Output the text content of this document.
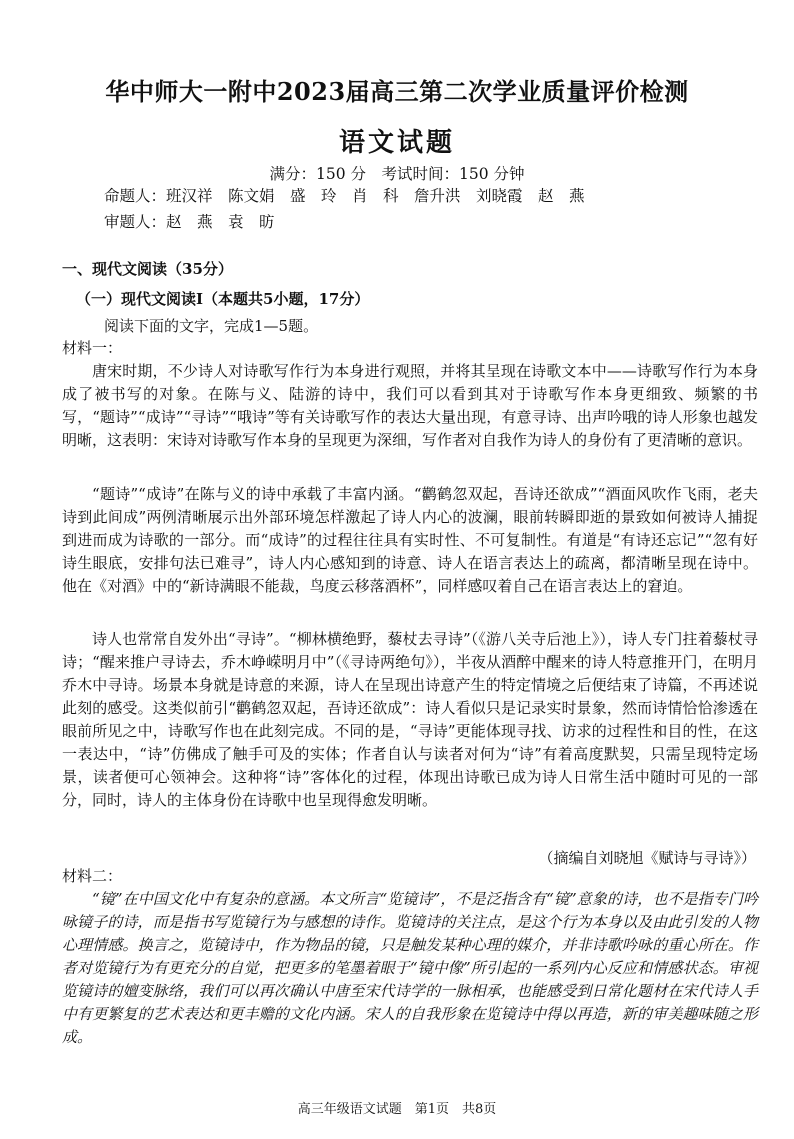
华中师大一附中2023届高三第二次学业质量评价检测
语文试题
满分：150 分　考试时间：150 分钟
命题人：班汉祥　陈文娟　盛　玲　肖　科　詹升洪　刘晓霞　赵　燕
审题人：赵　燕　袁　昉
一、现代文阅读（35分）
（一）现代文阅读Ⅰ（本题共5小题，17分）
阅读下面的文字，完成1—5题。
材料一：
唐宋时期，不少诗人对诗歌写作行为本身进行观照，并将其呈现在诗歌文本中——诗歌写作行为本身成了被书写的对象。在陈与义、陆游的诗中，我们可以看到其对于诗歌写作本身更细致、频繁的书写，“题诗”“成诗”“寻诗”“哦诗”等有关诗歌写作的表达大量出现，有意寻诗、出声吟哦的诗人形象也越发明晰，这表明：宋诗对诗歌写作本身的呈现更为深细，写作者对自我作为诗人的身份有了更清晰的意识。
“题诗”“成诗”在陈与义的诗中承载了丰富内涵。“鹳鹤忽双起，吾诗还欲成”“酒面风吹作飞雨，老夫诗到此间成”两例清晰展示出外部环境怎样激起了诗人内心的波澜，眼前转瞬即逝的景致如何被诗人捕捉到进而成为诗歌的一部分。而“成诗”的过程往往具有实时性、不可复制性。有道是“有诗还忘记”“忽有好诗生眼底，安排句法已难寻”，诗人内心感知到的诗意、诗人在语言表达上的疏离，都清晰呈现在诗中。他在《对酒》中的“新诗满眼不能裁，鸟度云移落酒杯”，同样感叹着自己在语言表达上的窘迫。
诗人也常常自发外出“寻诗”。“柳林横绝野，藜杖去寻诗”（《游八关寺后池上》），诗人专门拄着藜杖寻诗；“醒来推户寻诗去，乔木峥嵘明月中”（《寻诗两绝句》），半夜从酒醉中醒来的诗人特意推开门，在明月乔木中寻诗。场景本身就是诗意的来源，诗人在呈现出诗意产生的特定情境之后便结束了诗篇，不再述说此刻的感受。这类似前引“鹳鹤忽双起，吾诗还欲成”：诗人看似只是记录实时景象，然而诗情恰恰渗透在眼前所见之中，诗歌写作也在此刻完成。不同的是，“寻诗”更能体现寻找、访求的过程性和目的性，在这一表达中，“诗”仿佛成了触手可及的实体；作者自认与读者对何为“诗”有着高度默契，只需呈现特定场景，读者便可心领神会。这种将“诗”客体化的过程，体现出诗歌已成为诗人日常生活中随时可见的一部分，同时，诗人的主体身份在诗歌中也呈现得愈发明晰。
（摘编自刘晓旭《赋诗与寻诗》）
材料二：
“镜”在中国文化中有复杂的意涵。本文所言“览镜诗”，不是泛指含有“镜”意象的诗，也不是指专门吟咏镜子的诗，而是指书写览镜行为与感想的诗作。览镜诗的关注点，是这个行为本身以及由此引发的人物心理情感。换言之，览镜诗中，作为物品的镜，只是触发某种心理的媒介，并非诗歌吟咏的重心所在。作者对览镜行为有更充分的自觉，把更多的笔墨着眼于“镜中像”所引起的一系列内心反应和情感状态。审视览镜诗的嬗变脉络，我们可以再次确认中唐至宋代诗学的一脉相承，也能感受到日常化题材在宋代诗人手中有更繁复的艺术表达和更丰赡的文化内涵。宋人的自我形象在览镜诗中得以再造，新的审美趣味随之形成。
高三年级语文试题　第1页　共8页
